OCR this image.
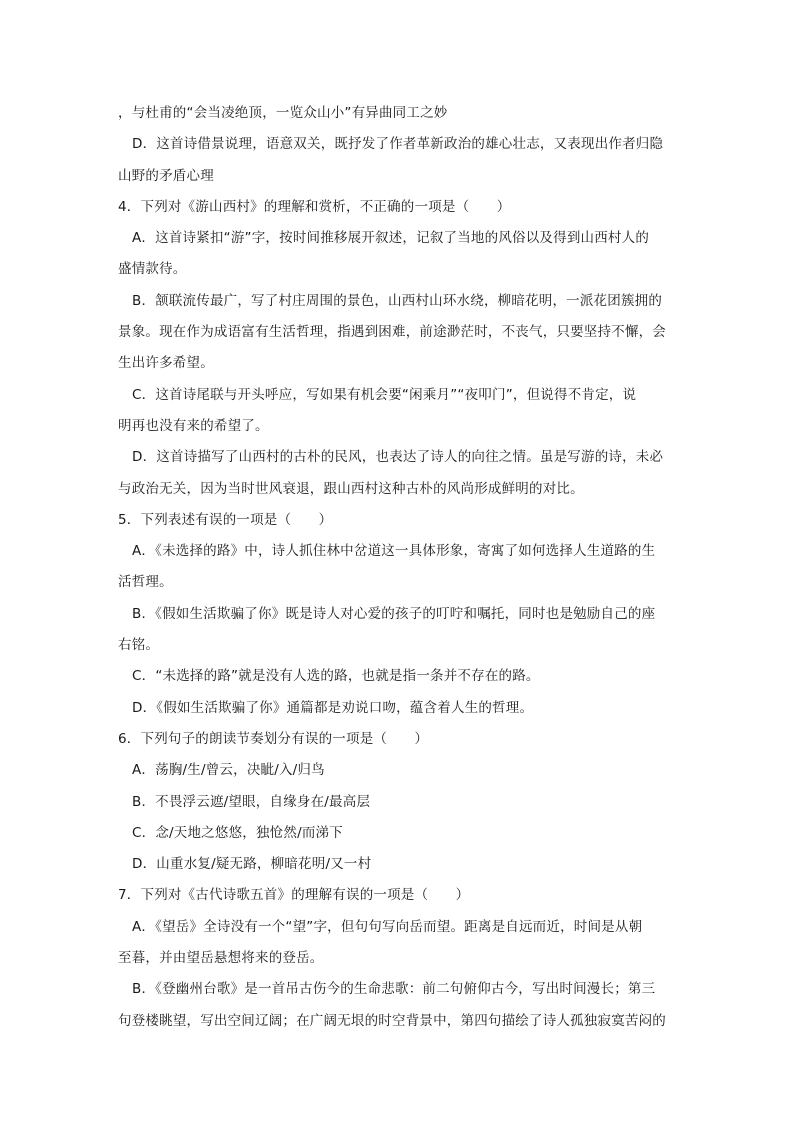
，与杜甫的“会当凌绝顶，一览众山小”有异曲同工之妙
D．这首诗借景说理，语意双关，既抒发了作者革新政治的雄心壮志，又表现出作者归隐
山野的矛盾心理
4．下列对《游山西村》的理解和赏析，不正确的一项是（　　）
A．这首诗紧扣“游”字，按时间推移展开叙述，记叙了当地的风俗以及得到山西村人的
盛情款待。
B．颔联流传最广，写了村庄周围的景色，山西村山环水绕，柳暗花明，一派花团簇拥的
景象。现在作为成语富有生活哲理，指遇到困难，前途渺茫时，不丧气，只要坚持不懈，会
生出许多希望。
C．这首诗尾联与开头呼应，写如果有机会要“闲乘月”“夜叩门”，但说得不肯定，说
明再也没有来的希望了。
D．这首诗描写了山西村的古朴的民风，也表达了诗人的向往之情。虽是写游的诗，未必
与政治无关，因为当时世风衰退，跟山西村这种古朴的风尚形成鲜明的对比。
5．下列表述有误的一项是（　　）
A．《未选择的路》中，诗人抓住林中岔道这一具体形象，寄寓了如何选择人生道路的生
活哲理。
B．《假如生活欺骗了你》既是诗人对心爱的孩子的叮咛和嘱托，同时也是勉励自己的座
右铭。
C．“未选择的路”就是没有人选的路，也就是指一条并不存在的路。
D．《假如生活欺骗了你》通篇都是劝说口吻，蕴含着人生的哲理。
6．下列句子的朗读节奏划分有误的一项是（　　）
A．荡胸/生/曾云，决眦/入/归鸟
B．不畏浮云遮/望眼，自缘身在/最高层
C．念/天地之悠悠，独怆然/而涕下
D．山重水复/疑无路，柳暗花明/又一村
7．下列对《古代诗歌五首》的理解有误的一项是（　　）
A．《望岳》全诗没有一个“望”字，但句句写向岳而望。距离是自远而近，时间是从朝
至暮，并由望岳悬想将来的登岳。
B．《登幽州台歌》是一首吊古伤今的生命悲歌：前二句俯仰古今，写出时间漫长；第三
句登楼眺望，写出空间辽阔；在广阔无垠的时空背景中，第四句描绘了诗人孤独寂寞苦闷的
